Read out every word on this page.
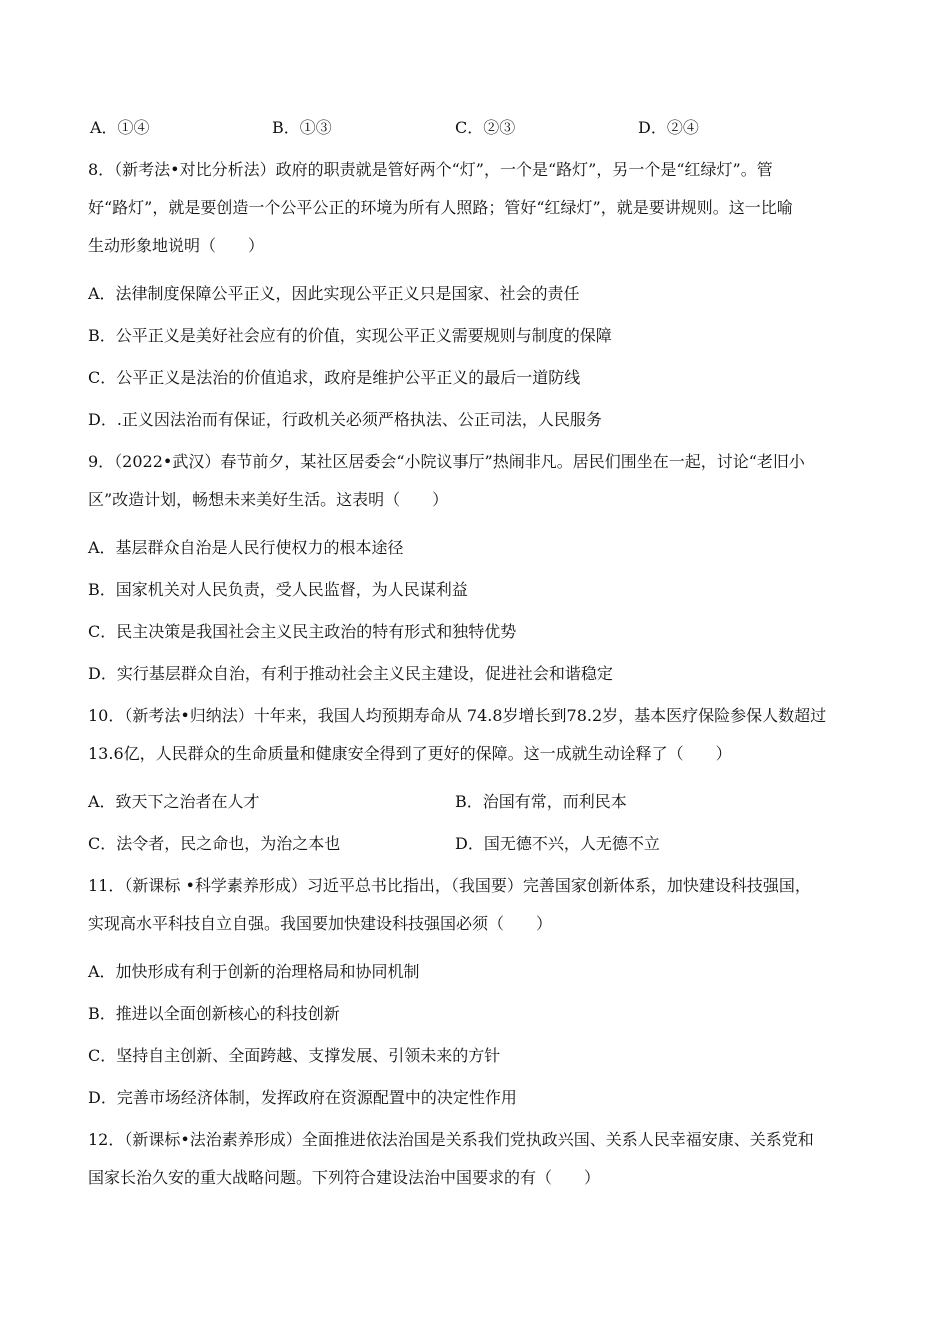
A．①④	B．①③	C．②③	D．②④
8．（新考法•对比分析法）政府的职责就是管好两个“灯”，一个是“路灯”，另一个是“红绿灯”。管
好“路灯”，就是要创造一个公平公正的环境为所有人照路；管好“红绿灯”，就是要讲规则。这一比喻
生动形象地说明（　　）
A．法律制度保障公平正义，因此实现公平正义只是国家、社会的责任
B．公平正义是美好社会应有的价值，实现公平正义需要规则与制度的保障
C．公平正义是法治的价值追求，政府是维护公平正义的最后一道防线
D．.正义因法治而有保证，行政机关必须严格执法、公正司法，人民服务
9．（2022•武汉）春节前夕，某社区居委会“小院议事厅”热闹非凡。居民们围坐在一起，讨论“老旧小
区”改造计划，畅想未来美好生活。这表明（　　）
A．基层群众自治是人民行使权力的根本途径
B．国家机关对人民负责，受人民监督，为人民谋利益
C．民主决策是我国社会主义民主政治的特有形式和独特优势
D．实行基层群众自治，有利于推动社会主义民主建设，促进社会和谐稳定
10．（新考法•归纳法）十年来，我国人均预期寿命从 74.8岁增长到78.2岁，基本医疗保险参保人数超过
13.6亿，人民群众的生命质量和健康安全得到了更好的保障。这一成就生动诠释了（　　）
A．致天下之治者在人才	B．治国有常，而利民本
C．法令者，民之命也，为治之本也	D．国无德不兴，人无德不立
11．（新课标 •科学素养形成）习近平总书比指出，（我国要）完善国家创新体系，加快建设科技强国，
实现高水平科技自立自强。我国要加快建设科技强国必须（　　）
A．加快形成有利于创新的治理格局和协同机制
B．推进以全面创新核心的科技创新
C．坚持自主创新、全面跨越、支撑发展、引领未来的方针
D．完善市场经济体制，发挥政府在资源配置中的决定性作用
12．（新课标•法治素养形成）全面推进依法治国是关系我们党执政兴国、关系人民幸福安康、关系党和
国家长治久安的重大战略问题。下列符合建设法治中国要求的有（　　）
